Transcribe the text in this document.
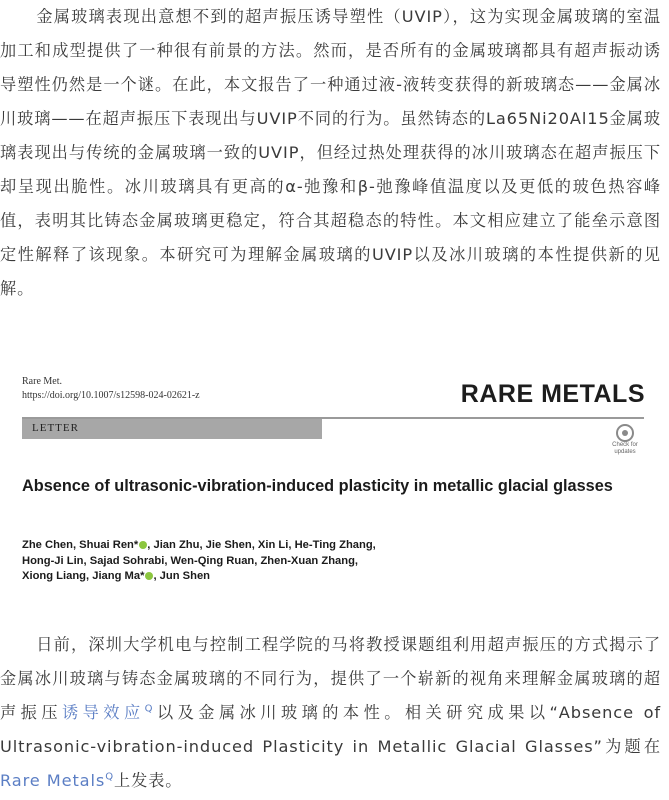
金属玻璃表现出意想不到的超声振压诱导塑性（UVIP），这为实现金属玻璃的室温加工和成型提供了一种很有前景的方法。然而，是否所有的金属玻璃都具有超声振动诱导塑性仍然是一个谜。在此，本文报告了一种通过液-液转变获得的新玻璃态——金属冰川玻璃——在超声振压下表现出与UVIP不同的行为。虽然铸态的La65Ni20Al15金属玻璃表现出与传统的金属玻璃一致的UVIP，但经过热处理获得的冰川玻璃态在超声振压下却呈现出脆性。冰川玻璃具有更高的α-弛豫和β-弛豫峰值温度以及更低的玻色热容峰值，表明其比铸态金属玻璃更稳定，符合其超稳态的特性。本文相应建立了能垒示意图定性解释了该现象。本研究可为理解金属玻璃的UVIP以及冰川玻璃的本性提供新的见解。

Rare Met.

https://doi.org/10.1007/s12598-024-02621-z	RARE METALS

LETTER
Check for updates

Absence of ultrasonic-vibration-induced plasticity in metallic glacial glasses

Zhe Chen, Shuai Ren* , Jian Zhu, Jie Shen, Xin Li, He-Ting Zhang,
Hong-Ji Lin, Sajad Sohrabi, Wen-Qing Ruan, Zhen-Xuan Zhang,
Xiong Liang, Jiang Ma* , Jun Shen

日前，深圳大学机电与控制工程学院的马将教授课题组利用超声振压的方式揭示了金属冰川玻璃与铸态金属玻璃的不同行为，提供了一个崭新的视角来理解金属玻璃的超声振压诱导效应$^Q$以及金属冰川玻璃的本性。相关研究成果以“Absence of Ultrasonic-vibration-induced Plasticity in Metallic Glacial Glasses”为题在Rare Metals$^Q$上发表。
